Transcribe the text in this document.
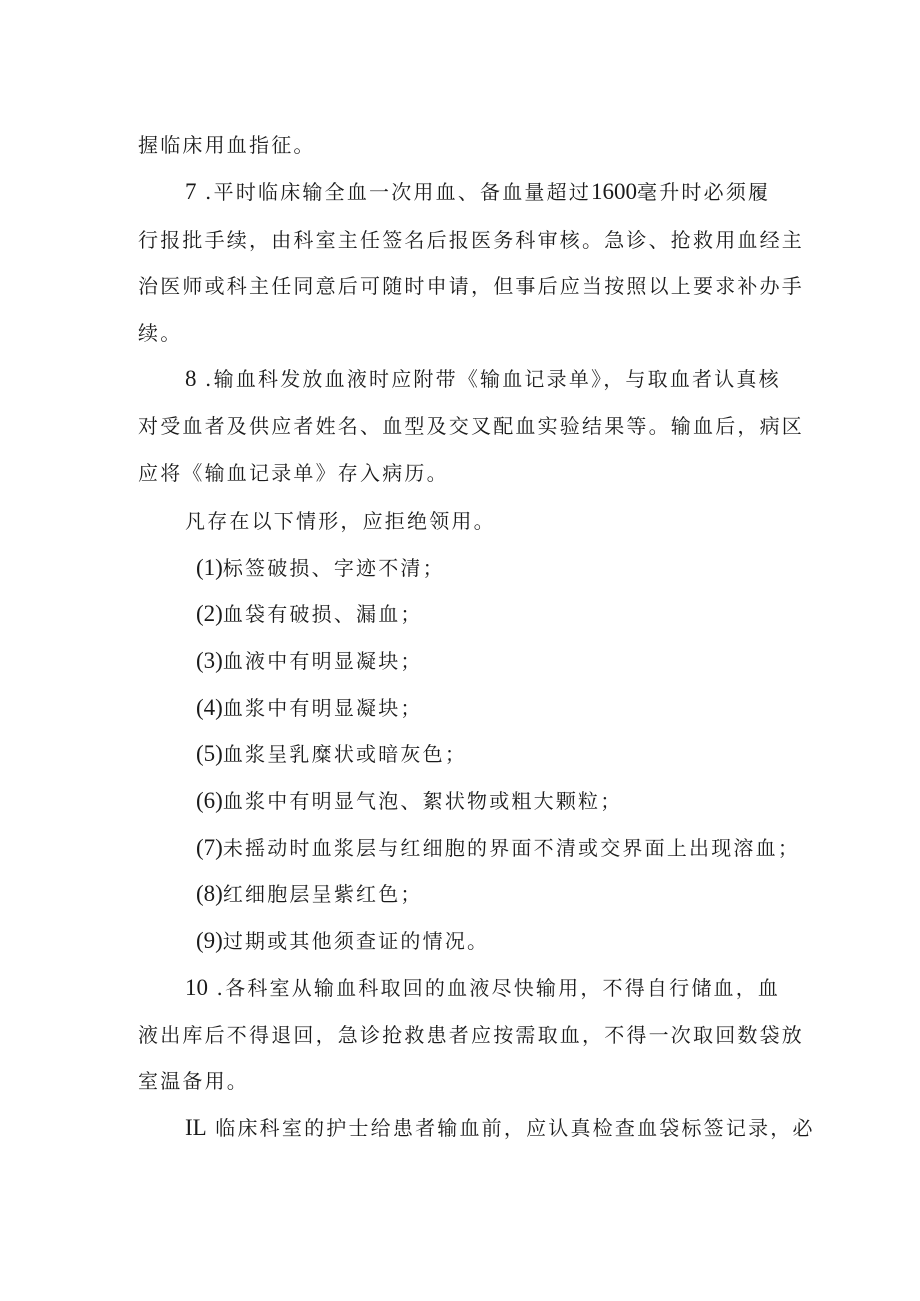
握临床用血指征。
7 .平时临床输全血一次用血、备血量超过1600毫升时必须履
行报批手续，由科室主任签名后报医务科审核。急诊、抢救用血经主
治医师或科主任同意后可随时申请，但事后应当按照以上要求补办手
续。
8 .输血科发放血液时应附带《输血记录单》，与取血者认真核
对受血者及供应者姓名、血型及交叉配血实验结果等。输血后，病区
应将《输血记录单》存入病历。
凡存在以下情形，应拒绝领用。
(1)标签破损、字迹不清；
(2)血袋有破损、漏血；
(3)血液中有明显凝块；
(4)血浆中有明显凝块；
(5)血浆呈乳糜状或暗灰色；
(6)血浆中有明显气泡、絮状物或粗大颗粒；
(7)未摇动时血浆层与红细胞的界面不清或交界面上出现溶血；
(8)红细胞层呈紫红色；
(9)过期或其他须查证的情况。
10 .各科室从输血科取回的血液尽快输用，不得自行储血，血
液出库后不得退回，急诊抢救患者应按需取血，不得一次取回数袋放
室温备用。
IL 临床科室的护士给患者输血前，应认真检查血袋标签记录，必
